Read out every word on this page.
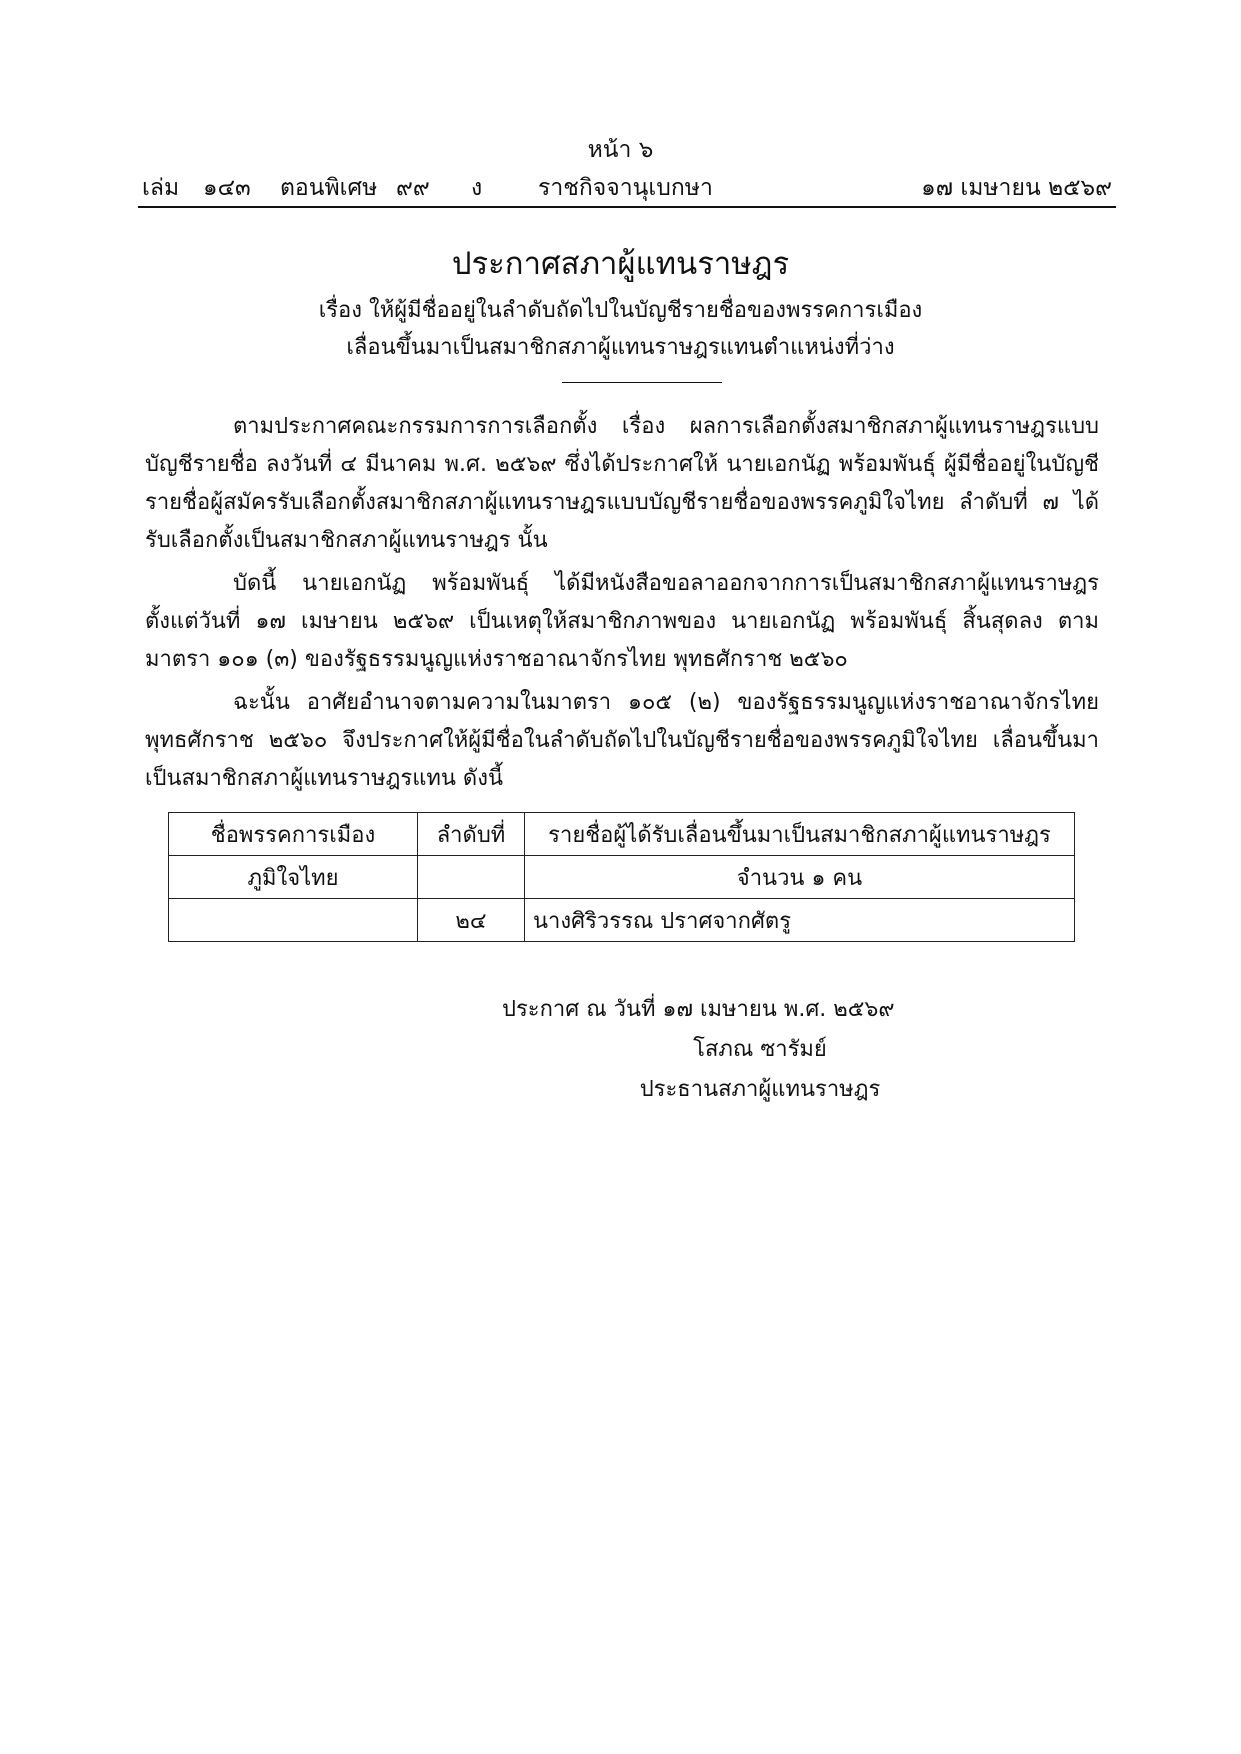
หน้า ๖
เล่ม ๑๔๓ ตอนพิเศษ ๙๙ ง ราชกิจจานุเบกษา	๑๗ เมษายน ๒๕๖๙
ประกาศสภาผู้แทนราษฎร
เรื่อง ให้ผู้มีชื่ออยู่ในลำดับถัดไปในบัญชีรายชื่อของพรรคการเมือง
เลื่อนขึ้นมาเป็นสมาชิกสภาผู้แทนราษฎรแทนตำแหน่งที่ว่าง

ตามประกาศคณะกรรมการการเลือกตั้ง เรื่อง ผลการเลือกตั้งสมาชิกสภาผู้แทนราษฎรแบบบัญชีรายชื่อ ลงวันที่ ๔ มีนาคม พ.ศ. ๒๕๖๙ ซึ่งได้ประกาศให้ นายเอกนัฏ พร้อมพันธุ์ ผู้มีชื่ออยู่ในบัญชีรายชื่อผู้สมัครรับเลือกตั้งสมาชิกสภาผู้แทนราษฎรแบบบัญชีรายชื่อของพรรคภูมิใจไทย ลำดับที่ ๗ ได้รับเลือกตั้งเป็นสมาชิกสภาผู้แทนราษฎร นั้น

บัดนี้ นายเอกนัฏ พร้อมพันธุ์ ได้มีหนังสือขอลาออกจากการเป็นสมาชิกสภาผู้แทนราษฎร ตั้งแต่วันที่ ๑๗ เมษายน ๒๕๖๙ เป็นเหตุให้สมาชิกภาพของ นายเอกนัฏ พร้อมพันธุ์ สิ้นสุดลง ตามมาตรา ๑๐๑ (๓) ของรัฐธรรมนูญแห่งราชอาณาจักรไทย พุทธศักราช ๒๕๖๐

ฉะนั้น อาศัยอำนาจตามความในมาตรา ๑๐๕ (๒) ของรัฐธรรมนูญแห่งราชอาณาจักรไทย พุทธศักราช ๒๕๖๐ จึงประกาศให้ผู้มีชื่อในลำดับถัดไปในบัญชีรายชื่อของพรรคภูมิใจไทย เลื่อนขึ้นมาเป็นสมาชิกสภาผู้แทนราษฎรแทน ดังนี้

ชื่อพรรคการเมือง	ลำดับที่	รายชื่อผู้ได้รับเลื่อนขึ้นมาเป็นสมาชิกสภาผู้แทนราษฎร
ภูมิใจไทย		จำนวน ๑ คน
	๒๔	นางศิริวรรณ ปราศจากศัตรู
ประกาศ ณ วันที่ ๑๗ เมษายน พ.ศ. ๒๕๖๙
โสภณ ซารัมย์
ประธานสภาผู้แทนราษฎร
